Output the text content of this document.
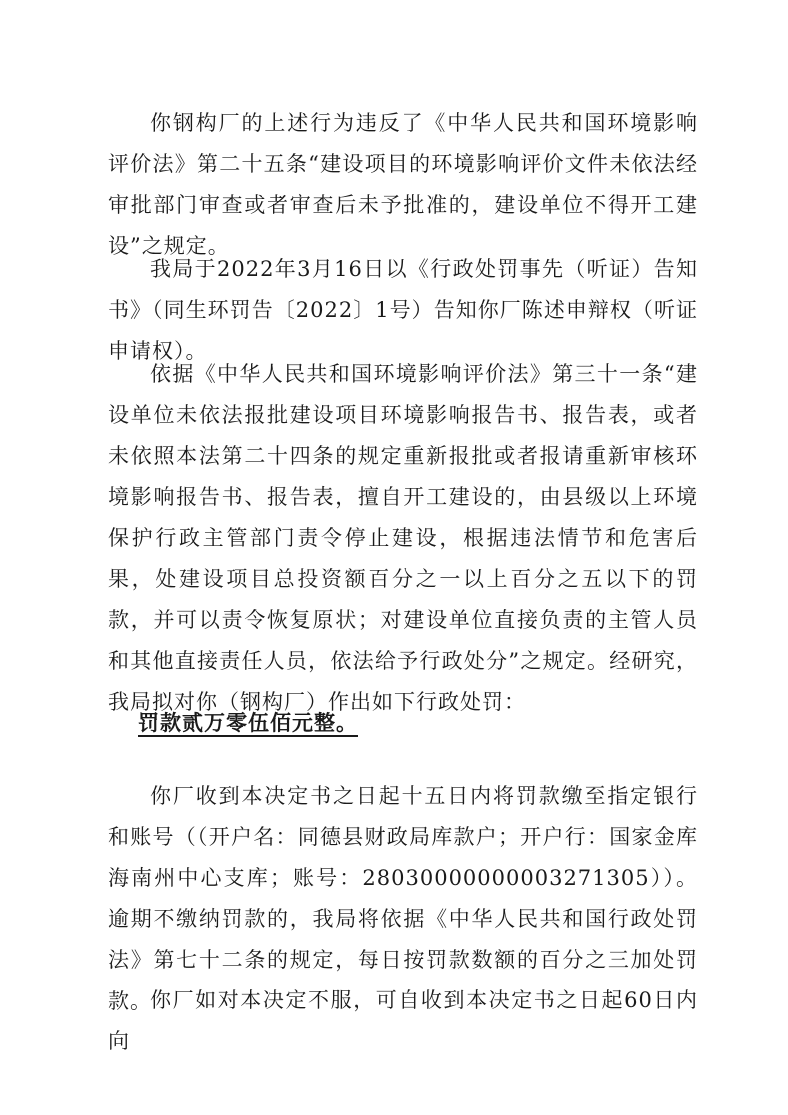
你钢构厂的上述行为违反了《中华人民共和国环境影响评价法》第二十五条“建设项目的环境影响评价文件未依法经审批部门审查或者审查后未予批准的，建设单位不得开工建设”之规定。

我局于2022年3月16日以《行政处罚事先（听证）告知书》（同生环罚告〔2022〕1号）告知你厂陈述申辩权（听证申请权）。

依据《中华人民共和国环境影响评价法》第三十一条“建设单位未依法报批建设项目环境影响报告书、报告表，或者未依照本法第二十四条的规定重新报批或者报请重新审核环境影响报告书、报告表，擅自开工建设的，由县级以上环境保护行政主管部门责令停止建设，根据违法情节和危害后果，处建设项目总投资额百分之一以上百分之五以下的罚款，并可以责令恢复原状；对建设单位直接负责的主管人员和其他直接责任人员，依法给予行政处分”之规定。经研究，我局拟对你（钢构厂）作出如下行政处罚：

罚款贰万零伍佰元整。

你厂收到本决定书之日起十五日内将罚款缴至指定银行和账号（（开户名：同德县财政局库款户；开户行：国家金库海南州中心支库；账号：28030000000003271305））。逾期不缴纳罚款的，我局将依据《中华人民共和国行政处罚法》第七十二条的规定，每日按罚款数额的百分之三加处罚款。

你厂如对本决定不服，可自收到本决定书之日起60日内向
